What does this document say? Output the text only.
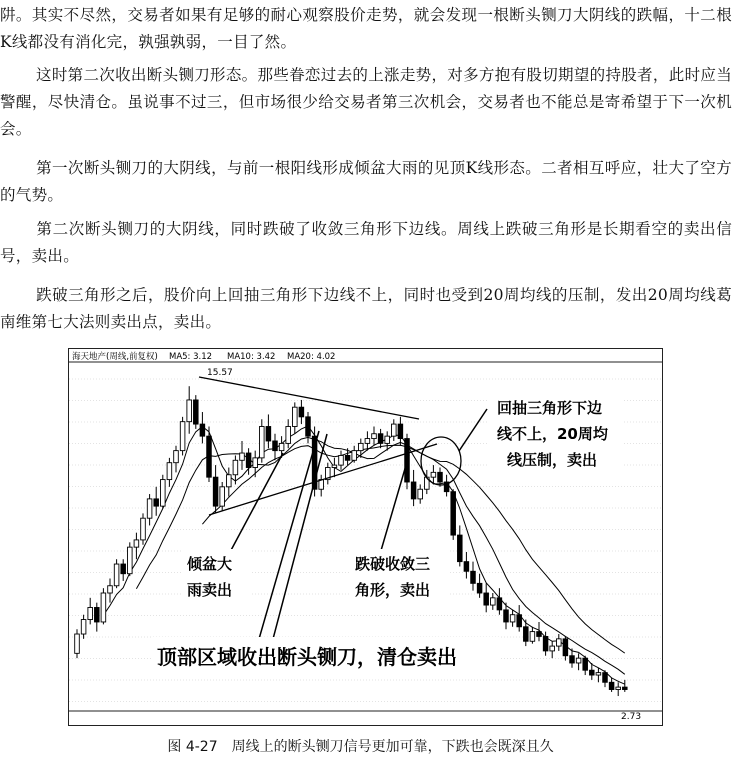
阱。其实不尽然，交易者如果有足够的耐心观察股价走势，就会发现一根断头铡刀大阴线的跌幅，十二根K线都没有消化完，孰强孰弱，一目了然。

这时第二次收出断头铡刀形态。那些眷恋过去的上涨走势，对多方抱有股切期望的持股者，此时应当警醒，尽快清仓。虽说事不过三，但市场很少给交易者第三次机会，交易者也不能总是寄希望于下一次机会。

第一次断头铡刀的大阴线，与前一根阳线形成倾盆大雨的见顶K线形态。二者相互呼应，壮大了空方的气势。

第二次断头铡刀的大阴线，同时跌破了收敛三角形下边线。周线上跌破三角形是长期看空的卖出信号，卖出。

跌破三角形之后，股价向上回抽三角形下边线不上，同时也受到20周均线的压制，发出20周均线葛南维第七大法则卖出点，卖出。

海天地产(周线,前复权) MA5: 3.12 MA10: 3.42 MA20: 4.02
15.57
2.73
回抽三角形下边
线不上，20周均
线压制，卖出
倾盆大
雨卖出
跌破收敛三
角形，卖出
顶部区域收出断头铡刀，清仓卖出
图 4-27 周线上的断头铡刀信号更加可靠，下跌也会既深且久
